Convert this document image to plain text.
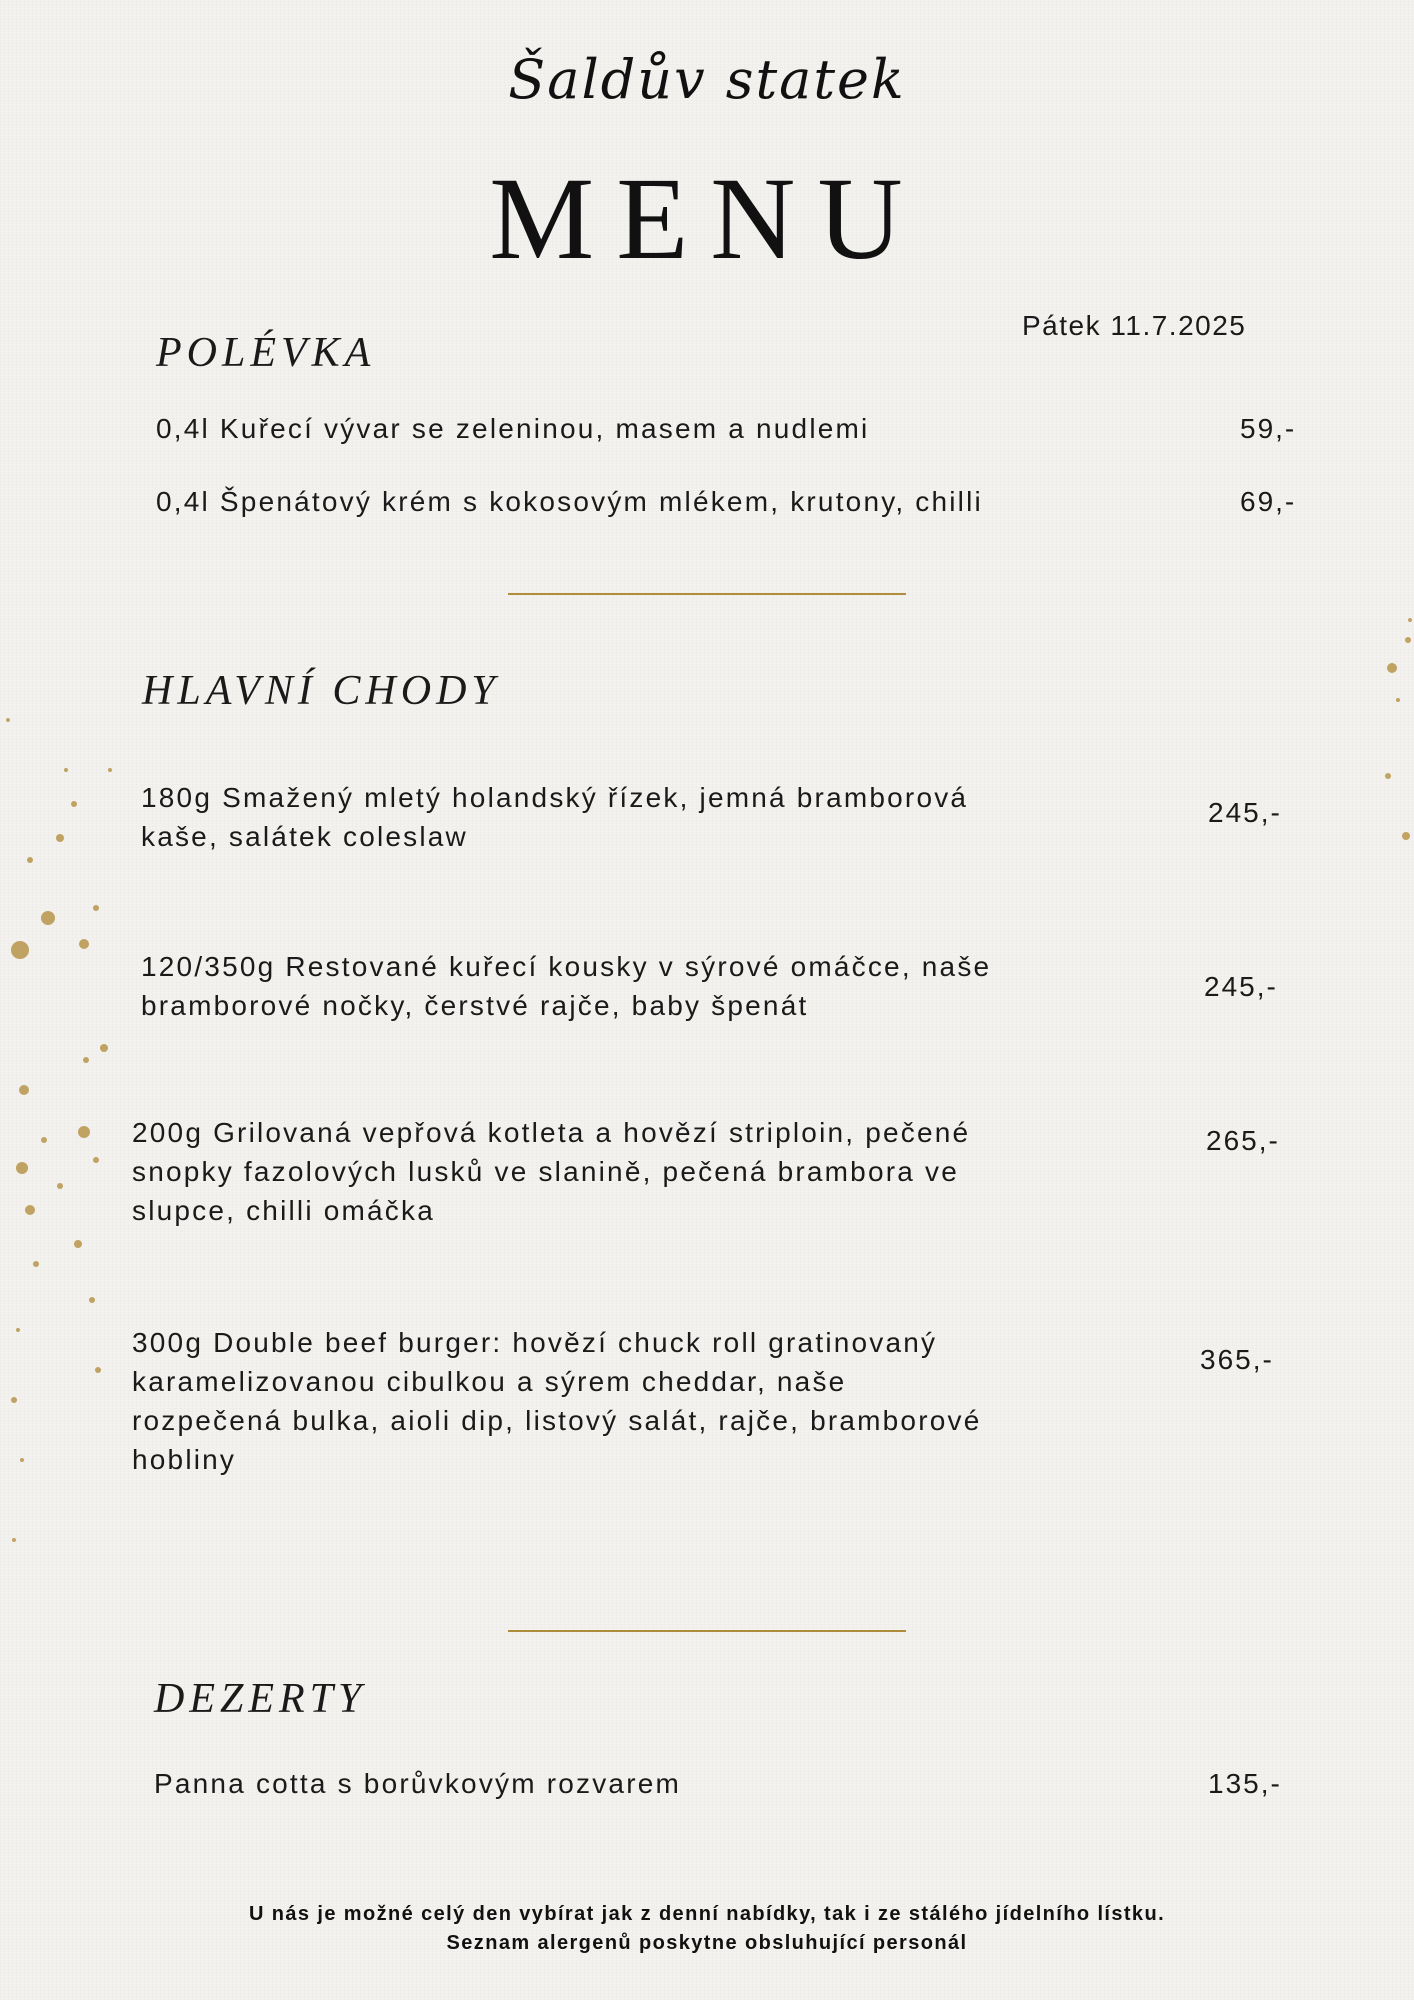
Šaldův statek
MENU
Pátek 11.7.2025
POLÉVKA
0,4l Kuřecí vývar se zeleninou, masem a nudlemi	59,-
0,4l Špenátový krém s kokosovým mlékem, krutony, chilli	69,-
HLAVNÍ CHODY
180g Smažený mletý holandský řízek, jemná bramborová
kaše, salátek coleslaw
245,-
120/350g Restované kuřecí kousky v sýrové omáčce, naše
bramborové nočky, čerstvé rajče, baby špenát
245,-
200g Grilovaná vepřová kotleta a hovězí striploin, pečené
snopky fazolových lusků ve slanině, pečená brambora ve
slupce, chilli omáčka
265,-
300g Double beef burger: hovězí chuck roll gratinovaný
karamelizovanou cibulkou a sýrem cheddar, naše
rozpečená bulka, aioli dip, listový salát, rajče, bramborové
hobliny
365,-
DEZERTY
Panna cotta s borůvkovým rozvarem	135,-
U nás je možné celý den vybírat jak z denní nabídky, tak i ze stálého jídelního lístku.
Seznam alergenů poskytne obsluhující personál
